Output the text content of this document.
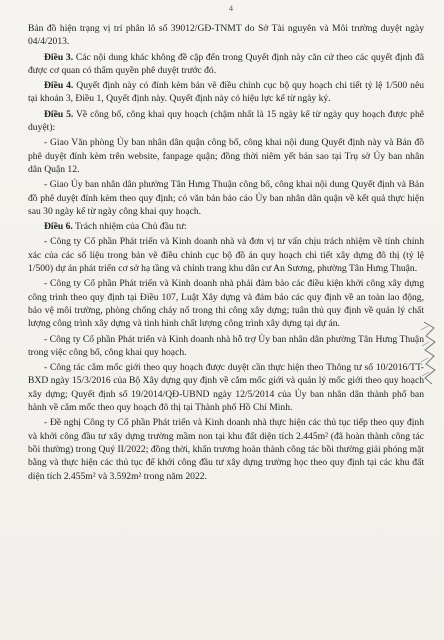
4

Bản đồ hiện trạng vị trí phân lô số 39012/GĐ-TNMT do Sở Tài nguyên và Môi trường duyệt ngày 04/4/2013.

Điều 3. Các nội dung khác không đề cập đến trong Quyết định này căn cứ theo các quyết định đã được cơ quan có thẩm quyền phê duyệt trước đó.

Điều 4. Quyết định này có đính kèm bản vẽ điều chỉnh cục bộ quy hoạch chi tiết tỷ lệ 1/500 nêu tại khoản 3, Điều 1, Quyết định này. Quyết định này có hiệu lực kể từ ngày ký.

Điều 5. Về công bố, công khai quy hoạch (chậm nhất là 15 ngày kể từ ngày quy hoạch được phê duyệt):

- Giao Văn phòng Ủy ban nhân dân quận công bố, công khai nội dung Quyết định này và Bản đồ phê duyệt đính kèm trên website, fanpage quận; đồng thời niêm yết bản sao tại Trụ sở Ủy ban nhân dân Quận 12.

- Giao Ủy ban nhân dân phường Tân Hưng Thuận công bố, công khai nội dung Quyết định và Bản đồ phê duyệt đính kèm theo quy định; có văn bản báo cáo Ủy ban nhân dân quận về kết quả thực hiện sau 30 ngày kể từ ngày công khai quy hoạch.

Điều 6. Trách nhiệm của Chủ đầu tư:

- Công ty Cổ phần Phát triển và Kinh doanh nhà và đơn vị tư vấn chịu trách nhiệm về tính chính xác của các số liệu trong bản vẽ điều chỉnh cục bộ đồ án quy hoạch chi tiết xây dựng đô thị (tỷ lệ 1/500) dự án phát triển cơ sở hạ tầng và chỉnh trang khu dân cư An Sương, phường Tân Hưng Thuận.

- Công ty Cổ phần Phát triển và Kinh doanh nhà phải đảm bảo các điều kiện khởi công xây dựng công trình theo quy định tại Điều 107, Luật Xây dựng và đảm bảo các quy định về an toàn lao động, bảo vệ môi trường, phòng chống cháy nổ trong thi công xây dựng; tuân thủ quy định về quản lý chất lượng công trình xây dựng và tình hình chất lượng công trình xây dựng tại dự án.

- Công ty Cổ phần Phát triển và Kinh doanh nhà hỗ trợ Ủy ban nhân dân phường Tân Hưng Thuận trong việc công bố, công khai quy hoạch.

- Công tác cắm mốc giới theo quy hoạch được duyệt cần thực hiện theo Thông tư số 10/2016/TT-BXD ngày 15/3/2016 của Bộ Xây dựng quy định về cắm mốc giới và quản lý mốc giới theo quy hoạch xây dựng; Quyết định số 19/2014/QĐ-UBND ngày 12/5/2014 của Ủy ban nhân dân thành phố ban hành về cắm mốc theo quy hoạch đô thị tại Thành phố Hồ Chí Minh.

- Đề nghị Công ty Cổ phần Phát triển và Kinh doanh nhà thực hiện các thủ tục tiếp theo quy định và khởi công đầu tư xây dựng trường mầm non tại khu đất diện tích 2.445m² (đã hoàn thành công tác bồi thường) trong Quý II/2022; đồng thời, khẩn trương hoàn thành công tác bồi thường giải phóng mặt bằng và thực hiện các thủ tục để khởi công đầu tư xây dựng trường học theo quy định tại các khu đất diện tích 2.455m² và 3.592m² trong năm 2022.
